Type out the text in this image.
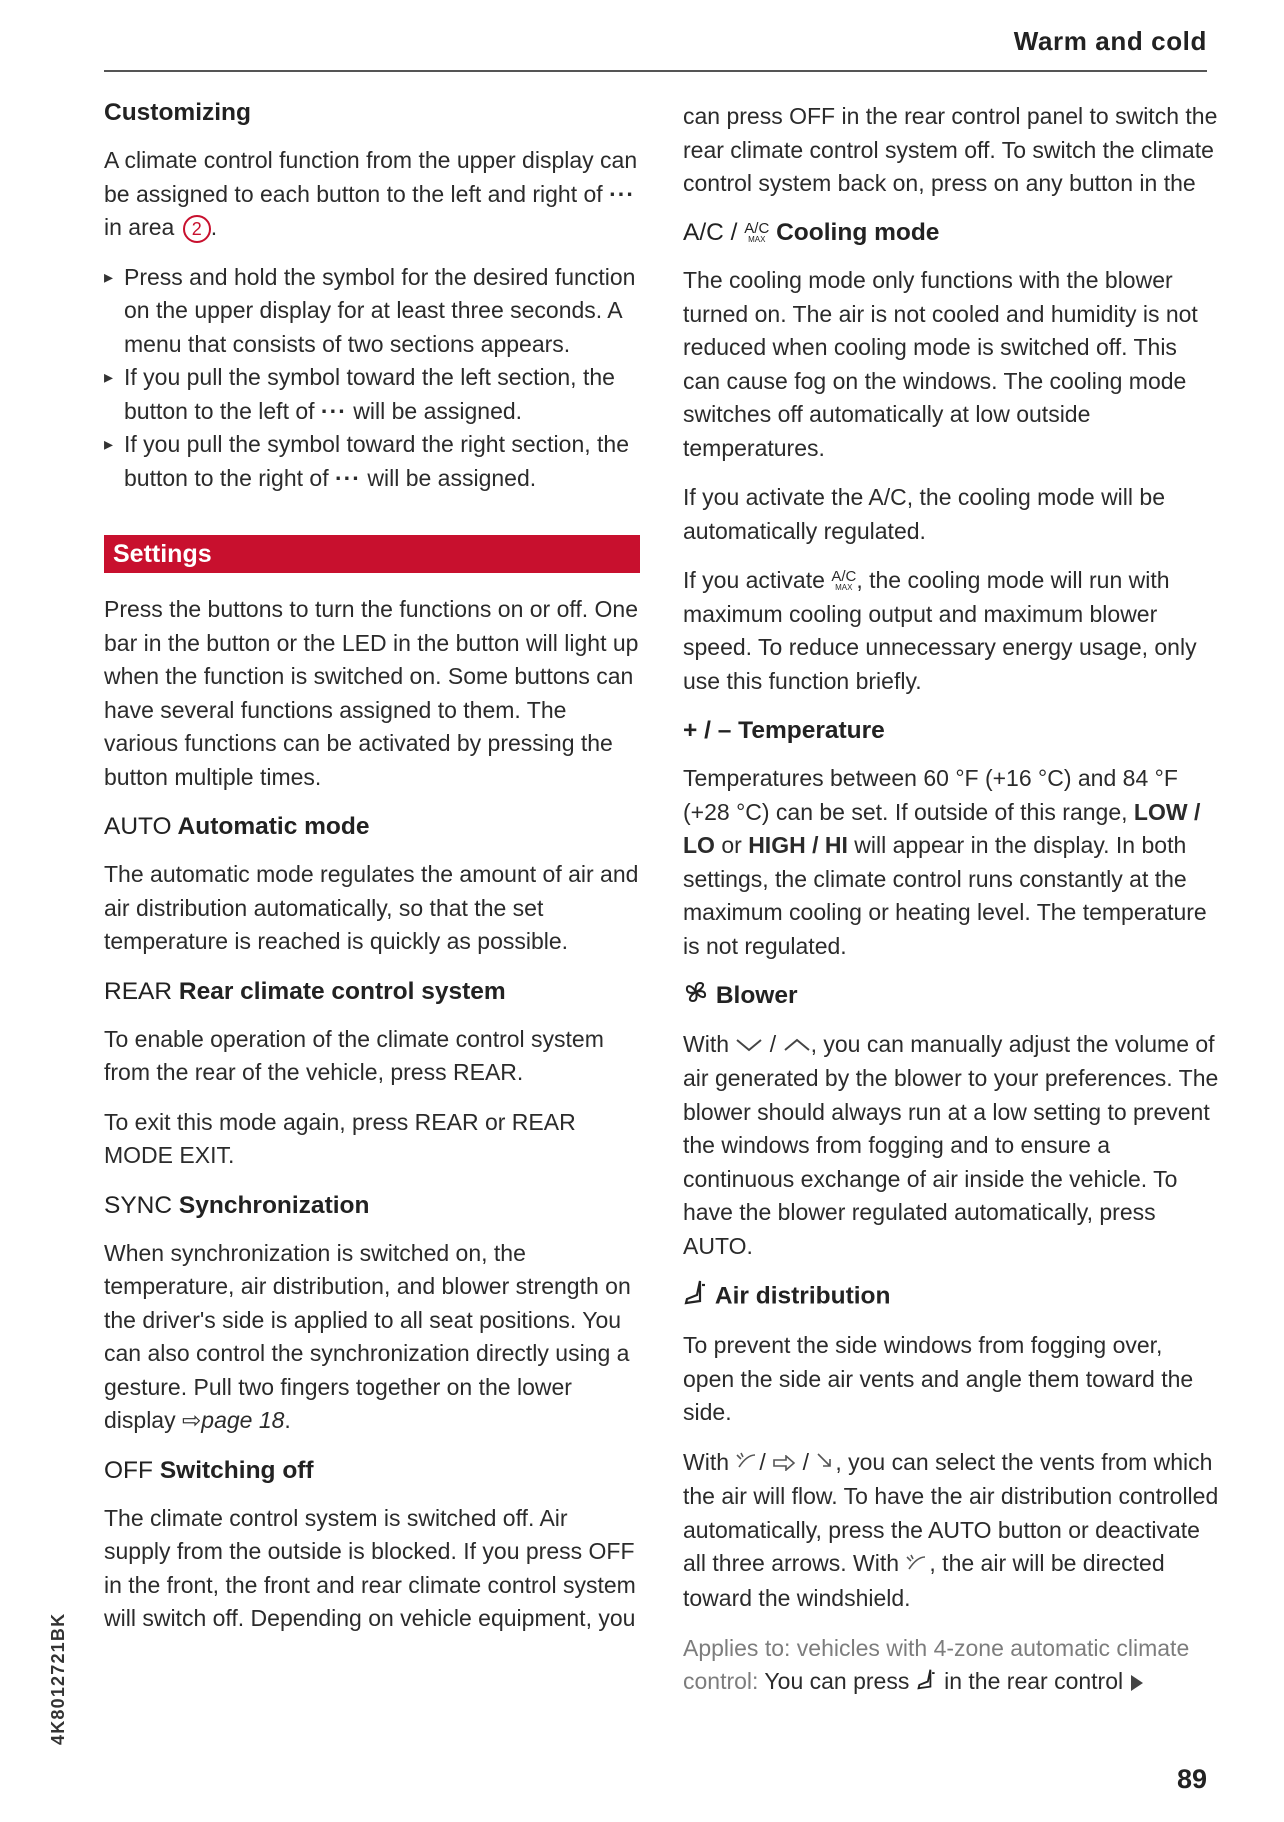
Warm and cold
Customizing

A climate control function from the upper display can be assigned to each button to the left and right of ··· in area 2 .

▸ Press and hold the symbol for the desired function on the upper display for at least three seconds. A menu that consists of two sections appears.
▸ If you pull the symbol toward the left section, the button to the left of ··· will be assigned.
▸ If you pull the symbol toward the right section, the button to the right of ··· will be assigned.
Settings

Press the buttons to turn the functions on or off. One bar in the button or the LED in the button will light up when the function is switched on. Some buttons can have several functions assigned to them. The various functions can be activated by pressing the button multiple times.

AUTO Automatic mode

The automatic mode regulates the amount of air and air distribution automatically, so that the set temperature is reached is quickly as possible.

REAR Rear climate control system

To enable operation of the climate control system from the rear of the vehicle, press REAR.

To exit this mode again, press REAR or REAR MODE EXIT.

SYNC Synchronization

When synchronization is switched on, the temperature, air distribution, and blower strength on the driver's side is applied to all seat positions. You can also control the synchronization directly using a gesture. Pull two fingers together on the lower display ⇨page 18.

OFF Switching off

The climate control system is switched off. Air supply from the outside is blocked. If you press OFF in the front, the front and rear climate control system will switch off. Depending on vehicle equipment, you

can press OFF in the rear control panel to switch the rear climate control system off. To switch the climate control system back on, press on any button in the

A/C / A/C
MAX Cooling mode

The cooling mode only functions with the blower turned on. The air is not cooled and humidity is not reduced when cooling mode is switched off. This can cause fog on the windows. The cooling mode switches off automatically at low outside temperatures.

If you activate the A/C, the cooling mode will be automatically regulated.

If you activate A/C
MAX , the cooling mode will run with maximum cooling output and maximum blower speed. To reduce unnecessary energy usage, only use this function briefly.

+ / – Temperature

Temperatures between 60 °F (+16 °C) and 84 °F (+28 °C) can be set. If outside of this range, LOW / LO or HIGH / HI will appear in the display. In both settings, the climate control runs constantly at the maximum cooling or heating level. The temperature is not regulated.

Blower

With / , you can manually adjust the volume of air generated by the blower to your preferences. The blower should always run at a low setting to prevent the windows from fogging and to ensure a continuous exchange of air inside the vehicle. To have the blower regulated automatically, press AUTO.

Air distribution

To prevent the side windows from fogging over, open the side air vents and angle them toward the side.

With / / , you can select the vents from which the air will flow. To have the air distribution controlled automatically, press the AUTO button or deactivate all three arrows. With , the air will be directed toward the windshield.

Applies to: vehicles with 4-zone automatic climate control: You can press in the rear control

4K8012721BK
89
